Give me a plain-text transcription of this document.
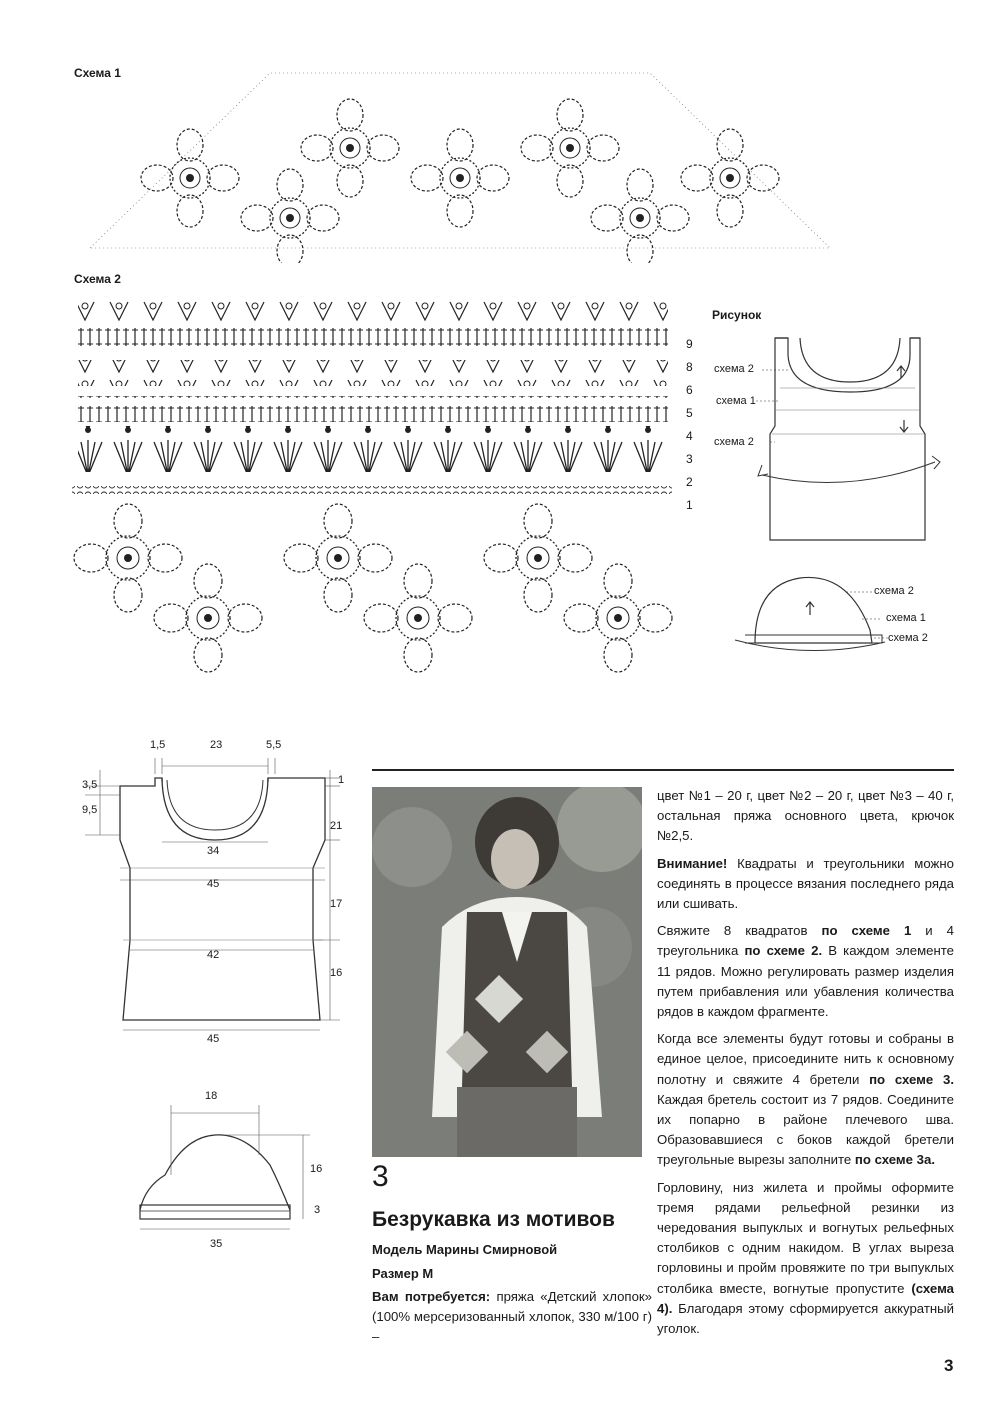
Схема 1
Схема 2
9
8
6
5
4
3
2
1
Рисунок
схема 2
схема 1
схема 2
схема 2
схема 1
схема 2
1,5	23	5,5
3,5
9,5
1
21
17
16
34
45
42
45
18
16
3
35
3
Безрукавка из мотивов
Модель Марины Смирновой
Размер M
Вам потребуется: пряжа «Детский хлопок» (100% мерсеризованный хлопок, 330 м/100 г) –

цвет №1 – 20 г, цвет №2 – 20 г, цвет №3 – 40 г, остальная пряжа основного цвета, крючок №2,5.

Внимание! Квадраты и треугольники можно соединять в процессе вязания последнего ряда или сшивать.

Свяжите 8 квадратов по схеме 1 и 4 треугольника по схеме 2. В каждом элементе 11 рядов. Можно регулировать размер изделия путем прибавления или убавления количества рядов в каждом фрагменте.

Когда все элементы будут готовы и собраны в единое целое, присоедините нить к основному полотну и свяжите 4 бретели по схеме 3. Каждая бретель состоит из 7 рядов. Соедините их попарно в районе плечевого шва. Образовавшиеся с боков каждой бретели треугольные вырезы заполните по схеме 3а.

Горловину, низ жилета и проймы оформите тремя рядами рельефной резинки из чередования выпуклых и вогнутых рельефных столбиков с одним накидом. В углах выреза горловины и пройм провяжите по три выпуклых столбика вместе, вогнутые пропустите (схема 4). Благодаря этому сформируется аккуратный уголок.

3
